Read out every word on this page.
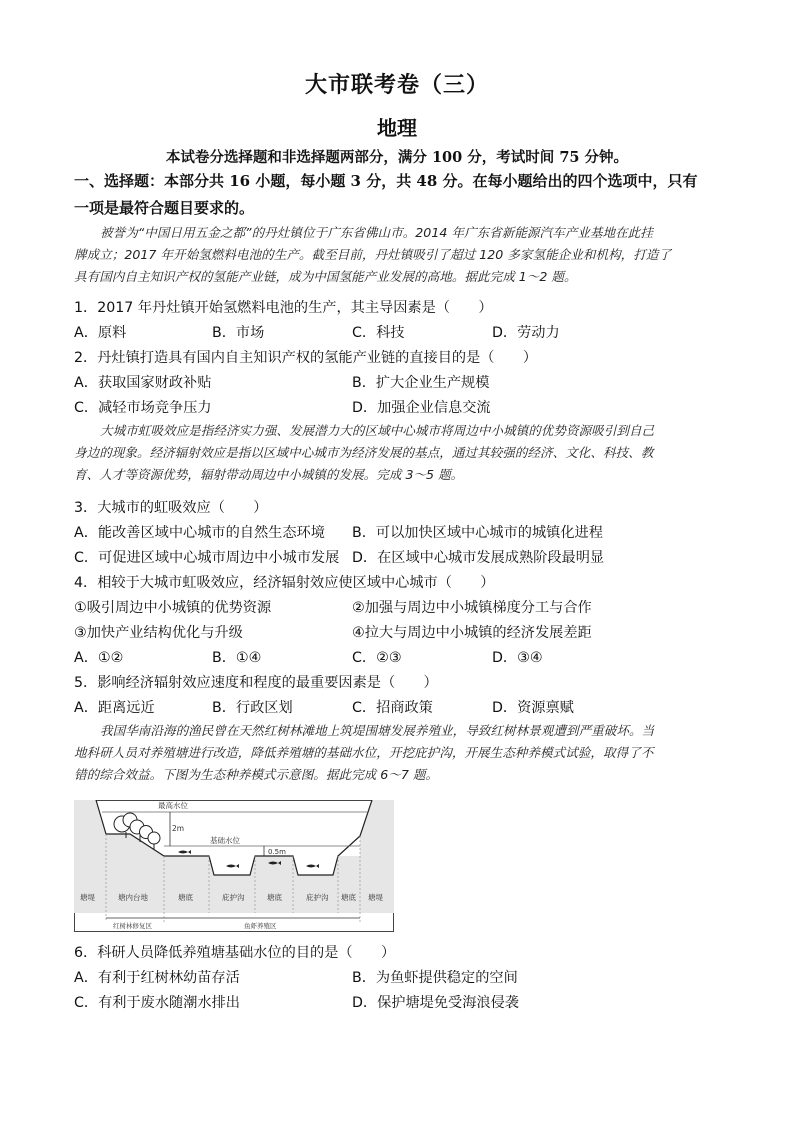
大市联考卷（三）
地理
本试卷分选择题和非选择题两部分，满分 100 分，考试时间 75 分钟。
一、选择题：本部分共 16 小题，每小题 3 分，共 48 分。在每小题给出的四个选项中，只有
一项是最符合题目要求的。
被誉为“中国日用五金之都”的丹灶镇位于广东省佛山市。2014 年广东省新能源汽车产业基地在此挂
牌成立；2017 年开始氢燃料电池的生产。截至目前，丹灶镇吸引了超过 120 多家氢能企业和机构，打造了
具有国内自主知识产权的氢能产业链，成为中国氢能产业发展的高地。据此完成 1～2 题。
1．2017 年丹灶镇开始氢燃料电池的生产，其主导因素是（　　）
A．原料	B．市场	C．科技	D．劳动力
2．丹灶镇打造具有国内自主知识产权的氢能产业链的直接目的是（　　）
A．获取国家财政补贴	B．扩大企业生产规模
C．减轻市场竞争压力	D．加强企业信息交流
大城市虹吸效应是指经济实力强、发展潜力大的区域中心城市将周边中小城镇的优势资源吸引到自己
身边的现象。经济辐射效应是指以区域中心城市为经济发展的基点，通过其较强的经济、文化、科技、教
育、人才等资源优势，辐射带动周边中小城镇的发展。完成 3～5 题。
3．大城市的虹吸效应（　　）
A．能改善区域中心城市的自然生态环境 B．可以加快区域中心城市的城镇化进程
C．可促进区域中心城市周边中小城市发展 D．在区域中心城市发展成熟阶段最明显
4．相较于大城市虹吸效应，经济辐射效应使区域中心城市（　　）
①吸引周边中小城镇的优势资源	②加强与周边中小城镇梯度分工与合作
③加快产业结构优化与升级	④拉大与周边中小城镇的经济发展差距
A．①②	B．①④	C．②③	D．③④
5．影响经济辐射效应速度和程度的最重要因素是（　　）
A．距离远近	B．行政区划	C．招商政策	D．资源禀赋
我国华南沿海的渔民曾在天然红树林滩地上筑堤围塘发展养殖业，导致红树林景观遭到严重破坏。当
地科研人员对养殖塘进行改造，降低养殖塘的基础水位，开挖庇护沟，开展生态种养模式试验，取得了不
错的综合效益。下图为生态种养模式示意图。据此完成 6～7 题。
最高水位
2m
基础水位
0.5m
塘堤	塘内台地	塘底	庇护沟	塘底	庇护沟 塘底 塘堤
红树林修复区	鱼虾养殖区
6．科研人员降低养殖塘基础水位的目的是（　　）
A．有利于红树林幼苗存活	B．为鱼虾提供稳定的空间
C．有利于废水随潮水排出	D．保护塘堤免受海浪侵袭
